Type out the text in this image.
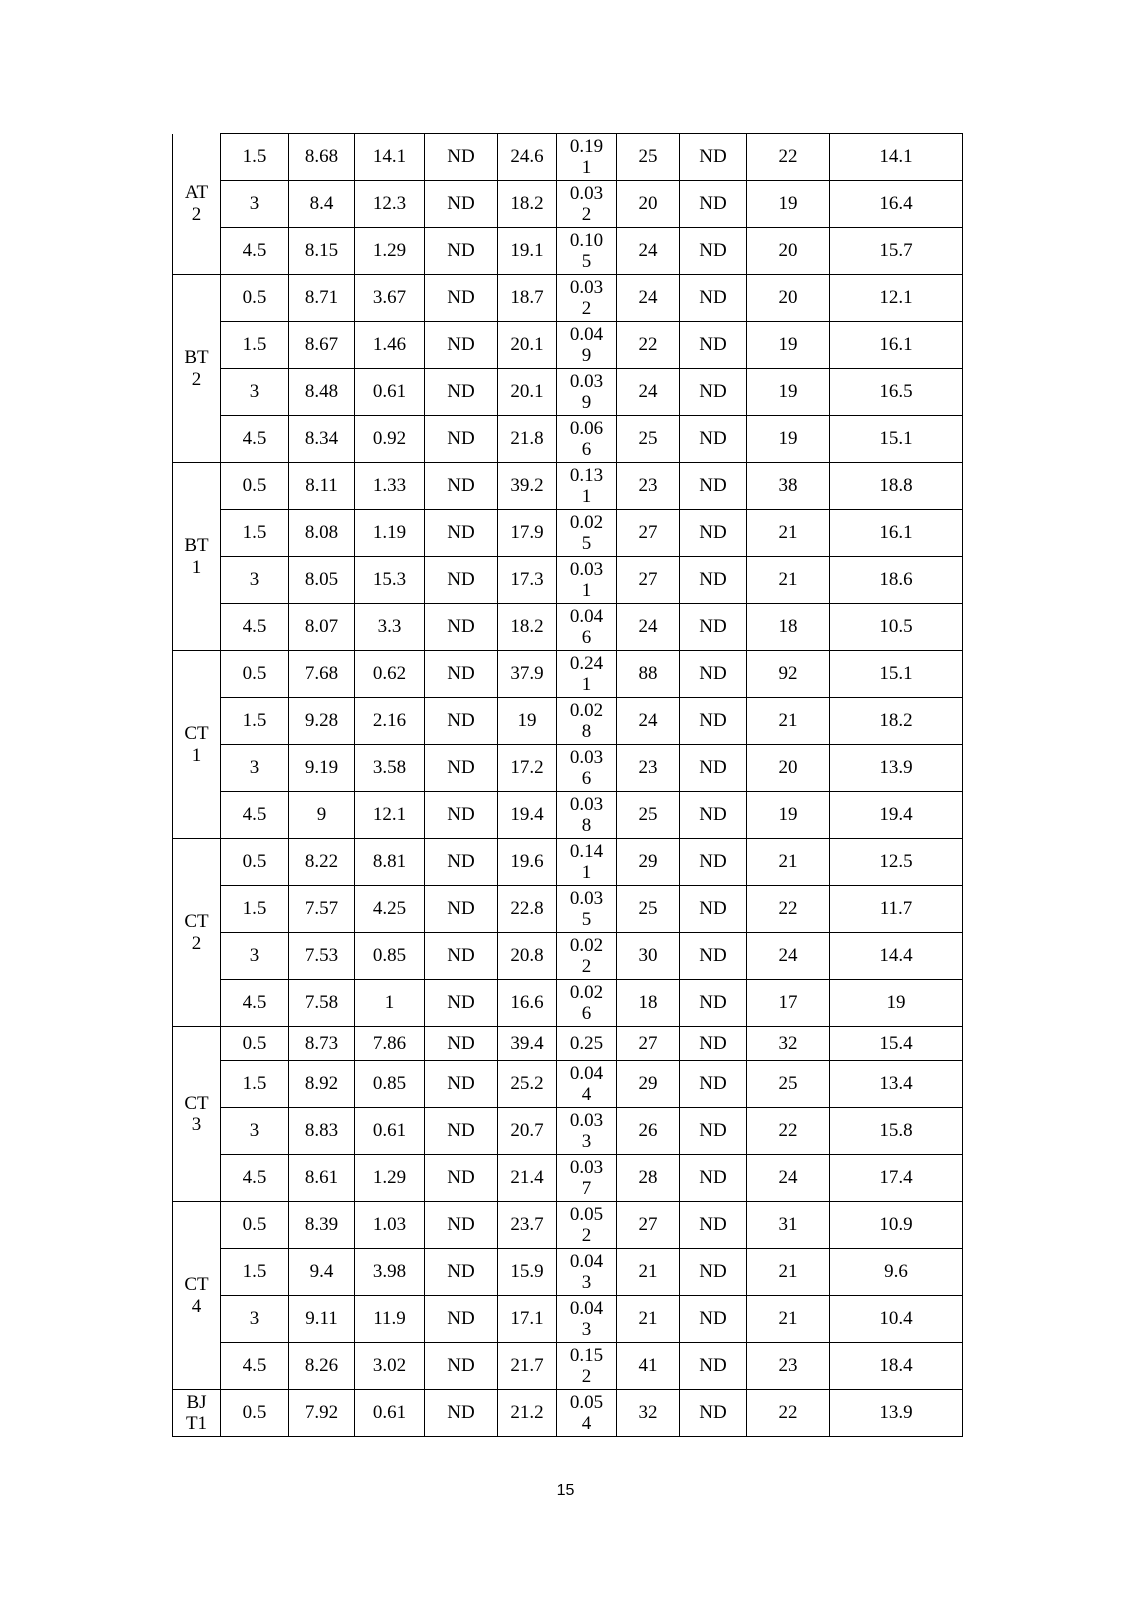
AT 2	1.5	8.68	14.1	ND	24.6	0.191	25	ND	22	14.1
	3	8.4	12.3	ND	18.2	0.032	20	ND	19	16.4
	4.5	8.15	1.29	ND	19.1	0.105	24	ND	20	15.7
BT 2	0.5	8.71	3.67	ND	18.7	0.032	24	ND	20	12.1
	1.5	8.67	1.46	ND	20.1	0.049	22	ND	19	16.1
	3	8.48	0.61	ND	20.1	0.039	24	ND	19	16.5
	4.5	8.34	0.92	ND	21.8	0.066	25	ND	19	15.1
BT 1	0.5	8.11	1.33	ND	39.2	0.131	23	ND	38	18.8
	1.5	8.08	1.19	ND	17.9	0.025	27	ND	21	16.1
	3	8.05	15.3	ND	17.3	0.031	27	ND	21	18.6
	4.5	8.07	3.3	ND	18.2	0.046	24	ND	18	10.5
CT 1	0.5	7.68	0.62	ND	37.9	0.241	88	ND	92	15.1
	1.5	9.28	2.16	ND	19	0.028	24	ND	21	18.2
	3	9.19	3.58	ND	17.2	0.036	23	ND	20	13.9
	4.5	9	12.1	ND	19.4	0.038	25	ND	19	19.4
CT 2	0.5	8.22	8.81	ND	19.6	0.141	29	ND	21	12.5
	1.5	7.57	4.25	ND	22.8	0.035	25	ND	22	11.7
	3	7.53	0.85	ND	20.8	0.022	30	ND	24	14.4
	4.5	7.58	1	ND	16.6	0.026	18	ND	17	19
CT 3	0.5	8.73	7.86	ND	39.4	0.25	27	ND	32	15.4
	1.5	8.92	0.85	ND	25.2	0.044	29	ND	25	13.4
	3	8.83	0.61	ND	20.7	0.033	26	ND	22	15.8
	4.5	8.61	1.29	ND	21.4	0.037	28	ND	24	17.4
CT 4	0.5	8.39	1.03	ND	23.7	0.052	27	ND	31	10.9
	1.5	9.4	3.98	ND	15.9	0.043	21	ND	21	9.6
	3	9.11	11.9	ND	17.1	0.043	21	ND	21	10.4
	4.5	8.26	3.02	ND	21.7	0.152	41	ND	23	18.4
BJ T1	0.5	7.92	0.61	ND	21.2	0.054	32	ND	22	13.9
15
